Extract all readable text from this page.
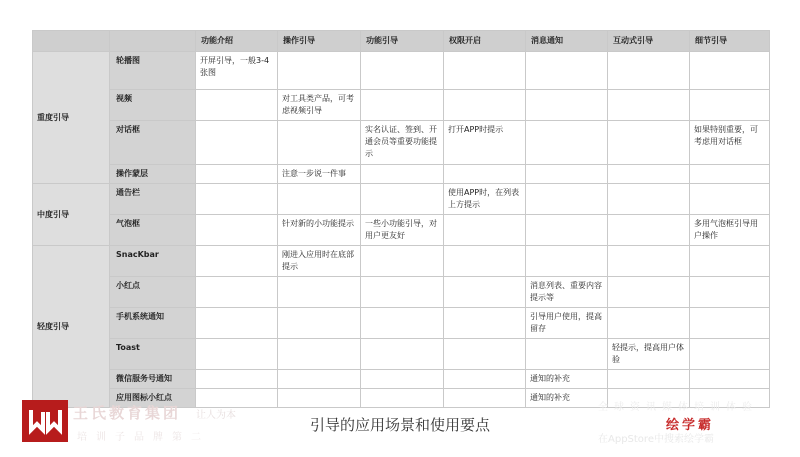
		功能介绍	操作引导	功能引导	权限开启	消息通知	互动式引导	细节引导
重度引导	轮播图	开屏引导，一般3-4张图						
	视频		对工具类产品，可考虑视频引导					
	对话框			实名认证、签到、开通会员等重要功能提示	打开APP时提示			如果特别重要，可考虑用对话框
	操作蒙层		注意一步说一件事					
中度引导	通告栏				使用APP时，在列表上方提示			
	气泡框		针对新的小功能提示	一些小功能引导，对用户更友好				多用气泡框引导用户操作
轻度引导	SnacKbar		刚进入应用时在底部提示					
	小红点					消息列表、重要内容提示等		
	手机系统通知					引导用户使用，提高留存		
	Toast						轻提示，提高用户体验	
	微信服务号通知					通知的补充		
	应用图标小红点					通知的补充		
王氏教育集团 让人为本
培训子品牌第二
引导的应用场景和使用要点
全球资讯媒体培训体验
绘学霸
在AppStore中搜索绘学霸
